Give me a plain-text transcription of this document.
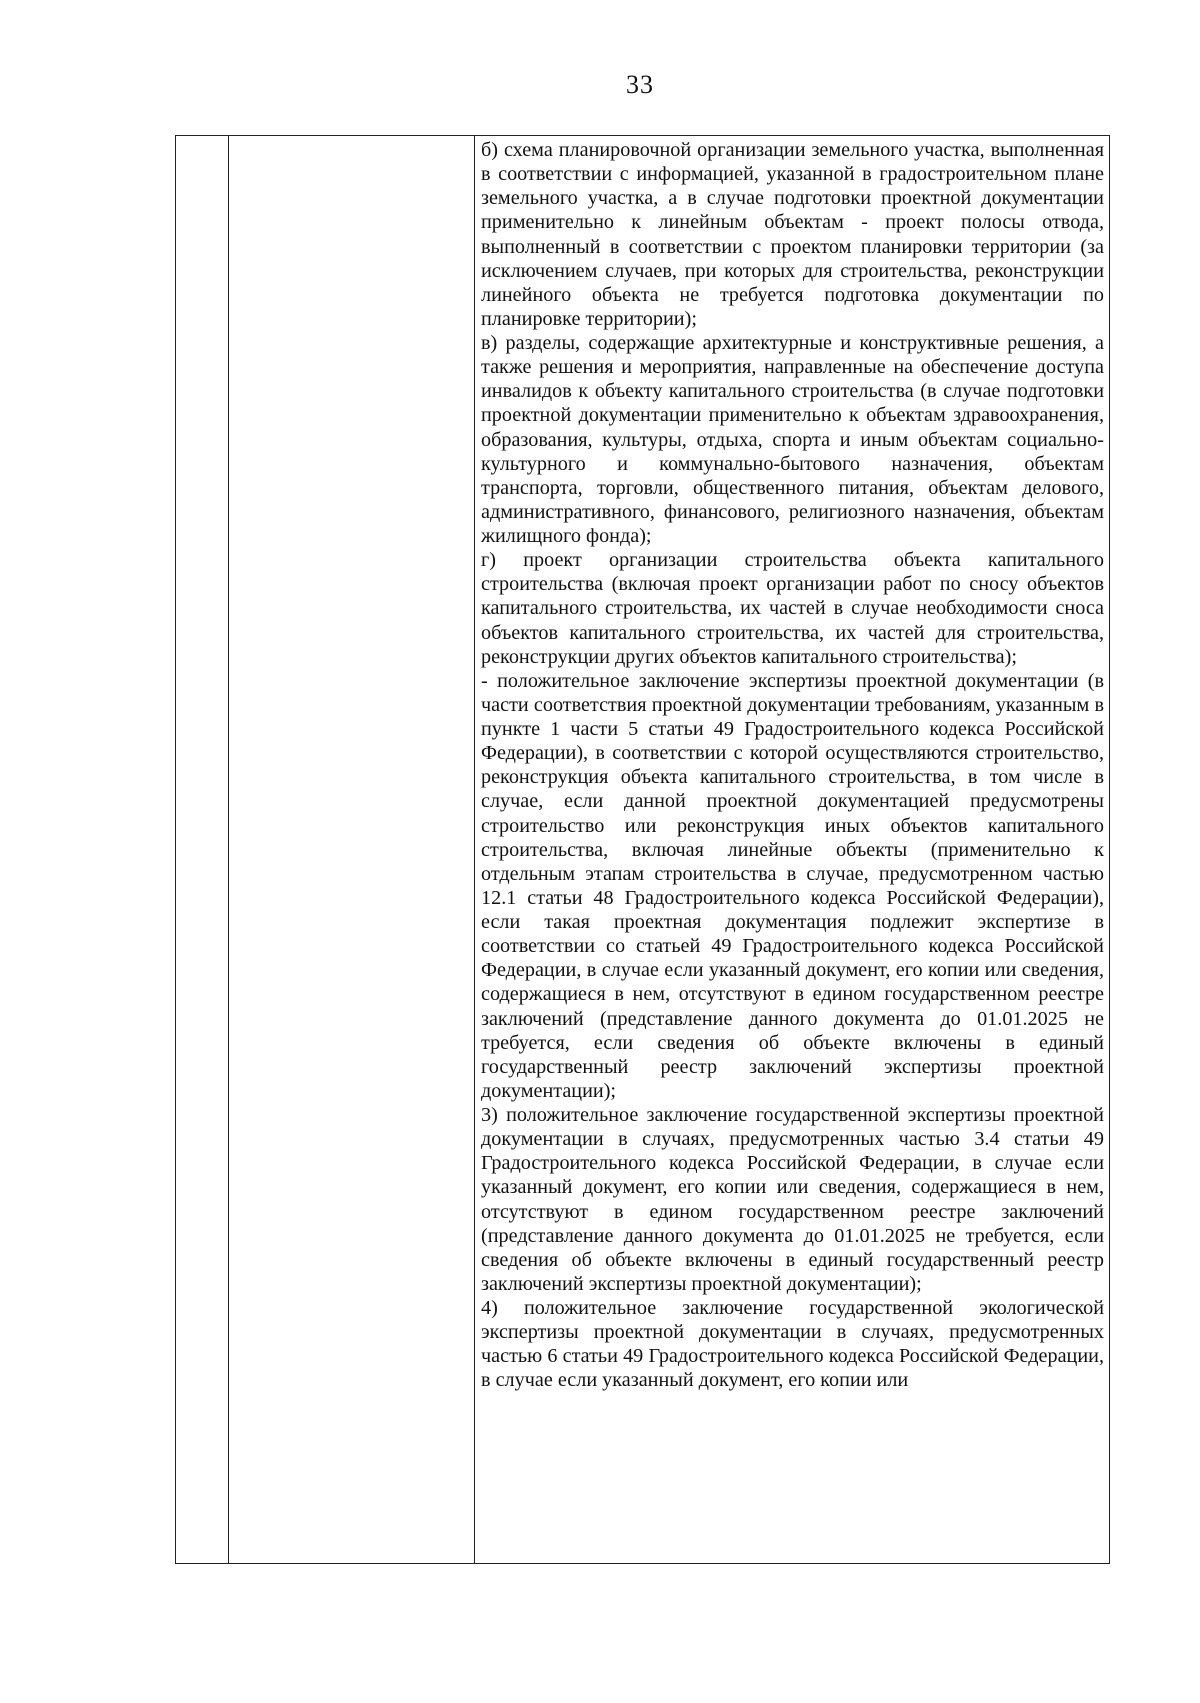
33

б) схема планировочной организации земельного участка, выполненная в соответствии с информацией, указанной в градостроительном плане земельного участка, а в случае подготовки проектной документации применительно к линейным объектам - проект полосы отвода, выполненный в соответствии с проектом планировки территории (за исключением случаев, при которых для строительства, реконструкции линейного объекта не требуется подготовка документации по планировке территории);

в) разделы, содержащие архитектурные и конструктивные решения, а также решения и мероприятия, направленные на обеспечение доступа инвалидов к объекту капитального строительства (в случае подготовки проектной документации применительно к объектам здравоохранения, образования, культуры, отдыха, спорта и иным объектам социально-культурного и коммунально-бытового назначения, объектам транспорта, торговли, общественного питания, объектам делового, административного, финансового, религиозного назначения, объектам жилищного фонда);

г) проект организации строительства объекта капитального строительства (включая проект организации работ по сносу объектов капитального строительства, их частей в случае необходимости сноса объектов капитального строительства, их частей для строительства, реконструкции других объектов капитального строительства);

- положительное заключение экспертизы проектной документации (в части соответствия проектной документации требованиям, указанным в пункте 1 части 5 статьи 49 Градостроительного кодекса Российской Федерации), в соответствии с которой осуществляются строительство, реконструкция объекта капитального строительства, в том числе в случае, если данной проектной документацией предусмотрены строительство или реконструкция иных объектов капитального строительства, включая линейные объекты (применительно к отдельным этапам строительства в случае, предусмотренном частью 12.1 статьи 48 Градостроительного кодекса Российской Федерации), если такая проектная документация подлежит экспертизе в соответствии со статьей 49 Градостроительного кодекса Российской Федерации, в случае если указанный документ, его копии или сведения, содержащиеся в нем, отсутствуют в едином государственном реестре заключений (представление данного документа до 01.01.2025 не требуется, если сведения об объекте включены в единый государственный реестр заключений экспертизы проектной документации);

3) положительное заключение государственной экспертизы проектной документации в случаях, предусмотренных частью 3.4 статьи 49 Градостроительного кодекса Российской Федерации, в случае если указанный документ, его копии или сведения, содержащиеся в нем, отсутствуют в едином государственном реестре заключений (представление данного документа до 01.01.2025 не требуется, если сведения об объекте включены в единый государственный реестр заключений экспертизы проектной документации);

4) положительное заключение государственной экологической экспертизы проектной документации в случаях, предусмотренных частью 6 статьи 49 Градостроительного кодекса Российской Федерации, в случае если указанный документ, его копии или
